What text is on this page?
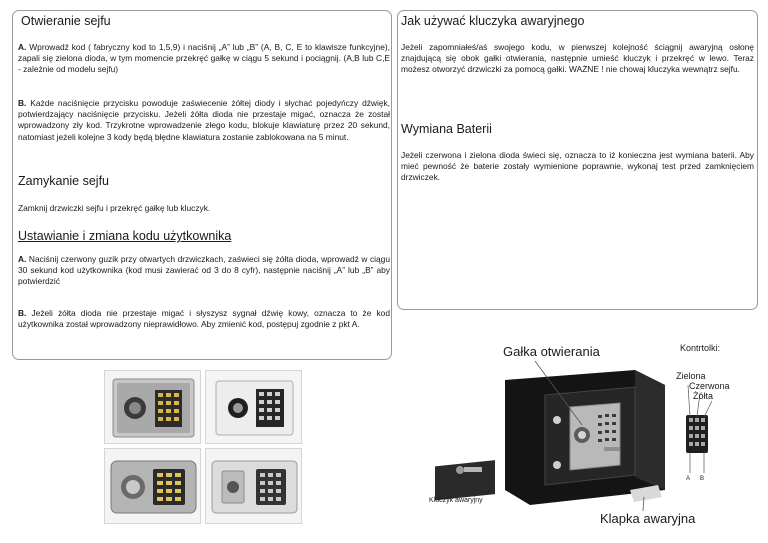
Otwieranie sejfu
A. Wprowadź kod ( fabryczny kod to 1,5,9) i naciśnij „A” lub „B” (A, B, C, E to klawisze funkcyjne), zapali się zielona dioda, w tym momencie przekręć gałkę w ciągu 5 sekund i pociągnij. (A,B lub C,E - zależnie od modelu sejfu)
B. Każde naciśnięcie przycisku powoduje zaświecenie żółtej diody i słychać pojedyńczy dźwięk, potwierdzający naciśnięcie przycisku. Jeżeli żółta dioda nie przestaje migać, oznacza że został wprowadzony zły kod. Trzykrotne wprowadzenie złego kodu, blokuje klawiaturę przez 20 sekund, natomiast jeżeli kolejne 3 kody będą błędne klawiatura zostanie zablokowana na 5 minut.
Zamykanie sejfu
Zamknij drzwiczki sejfu i przekręć gałkę lub kluczyk.
Ustawianie i zmiana kodu użytkownika
A. Naciśnij czerwony guzik przy otwartych drzwiczkach, zaświeci się żółta dioda, wprowadź w ciągu 30 sekund kod użytkownika (kod musi zawierać od 3 do 8 cyfr), następnie naciśnij „A” lub „B” aby potwierdzić
B. Jeżeli żółta dioda nie przestaje migać i słyszysz sygnał dźwię kowy, oznacza to że kod użytkownika został wprowadzony nieprawidłowo. Aby zmienić kod, postępuj zgodnie z pkt A.
Jak używać kluczyka awaryjnego
Jeżeli zapomniałeś/aś swojego kodu, w pierwszej kolejność ściągnij awaryjną osłonę znajdującą się obok gałki otwierania, następnie umieść kluczyk i przekręć w lewo. Teraz możesz otworzyć drzwiczki za pomocą gałki. WAŻNE ! nie chowaj kluczyka wewnątrz sejfu.
Wymiana Baterii
Jeżeli czerwona i zielona dioda świeci się, oznacza to iż konieczna jest wymiana baterii. Aby mieć pewność że baterie zostały wymienione poprawnie, wykonaj test przed zamknięciem drzwiczek.
Gałka otwierania	Kontrtolki:
Zielona
Czerwona
Żółta
A B
Kluczyk awaryjny
Klapka awaryjna
